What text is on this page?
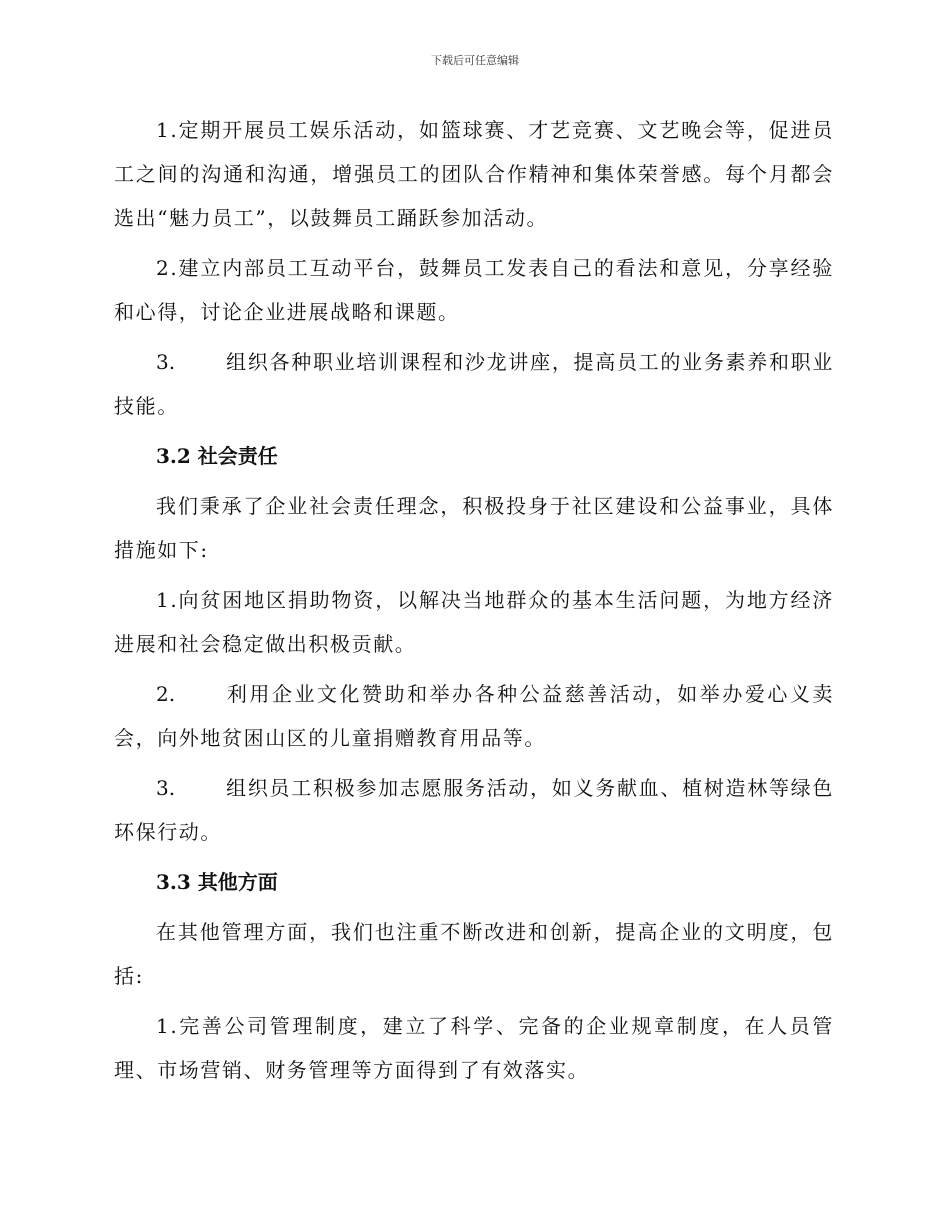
下载后可任意编辑

1.定期开展员工娱乐活动，如篮球赛、才艺竞赛、文艺晚会等，促进员工之间的沟通和沟通，增强员工的团队合作精神和集体荣誉感。每个月都会选出“魅力员工”，以鼓舞员工踊跃参加活动。

2.建立内部员工互动平台，鼓舞员工发表自己的看法和意见，分享经验和心得，讨论企业进展战略和课题。

3.	组织各种职业培训课程和沙龙讲座，提高员工的业务素养和职业技能。

3.2 社会责任

我们秉承了企业社会责任理念，积极投身于社区建设和公益事业，具体措施如下:

1.向贫困地区捐助物资，以解决当地群众的基本生活问题，为地方经济进展和社会稳定做出积极贡献。

2.	利用企业文化赞助和举办各种公益慈善活动，如举办爱心义卖会，向外地贫困山区的儿童捐赠教育用品等。

3.	组织员工积极参加志愿服务活动，如义务献血、植树造林等绿色环保行动。

3.3 其他方面

在其他管理方面，我们也注重不断改进和创新，提高企业的文明度，包括:

1.完善公司管理制度，建立了科学、完备的企业规章制度，在人员管理、市场营销、财务管理等方面得到了有效落实。
